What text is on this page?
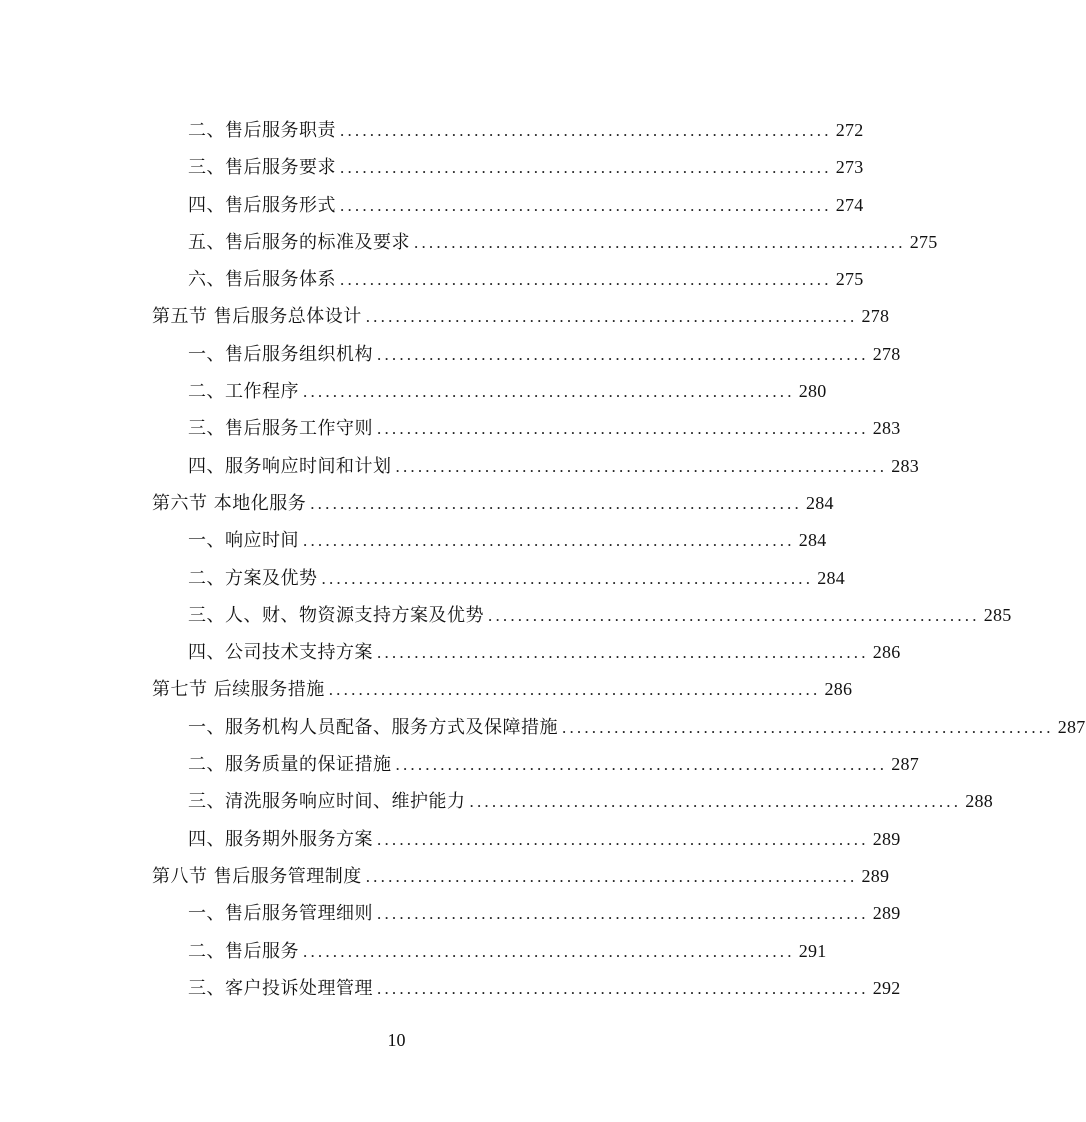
二、售后服务职责 .................................................................. 272
三、售后服务要求 .................................................................. 273
四、售后服务形式 .................................................................. 274
五、售后服务的标准及要求 .................................................................. 275
六、售后服务体系 .................................................................. 275
第五节 售后服务总体设计 .................................................................. 278
一、售后服务组织机构 .................................................................. 278
二、工作程序 .................................................................. 280
三、售后服务工作守则 .................................................................. 283
四、服务响应时间和计划 .................................................................. 283
第六节 本地化服务 .................................................................. 284
一、响应时间 .................................................................. 284
二、方案及优势 .................................................................. 284
三、人、财、物资源支持方案及优势 .................................................................. 285
四、公司技术支持方案 .................................................................. 286
第七节 后续服务措施 .................................................................. 286
一、服务机构人员配备、服务方式及保障措施 .................................................................. 287
二、服务质量的保证措施 .................................................................. 287
三、清洗服务响应时间、维护能力 .................................................................. 288
四、服务期外服务方案 .................................................................. 289
第八节 售后服务管理制度 .................................................................. 289
一、售后服务管理细则 .................................................................. 289
二、售后服务 .................................................................. 291
三、客户投诉处理管理 .................................................................. 292
10
